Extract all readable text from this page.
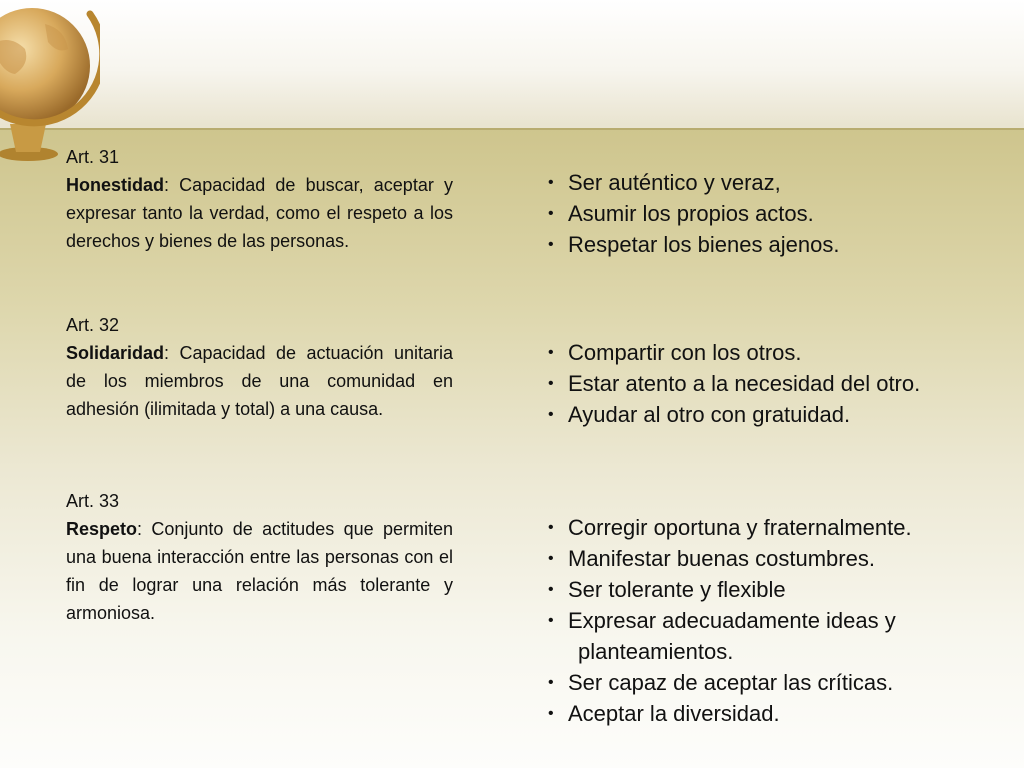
Art. 31

Honestidad: Capacidad de buscar, aceptar y expresar tanto la verdad, como el respeto a los derechos y bienes de las personas.

• Ser auténtico y veraz,
• Asumir los propios actos.
• Respetar los bienes ajenos.
Art. 32

Solidaridad: Capacidad de actuación unitaria de los miembros de una comunidad en adhesión (ilimitada y total) a una causa.

• Compartir con los otros.
• Estar atento a la necesidad del otro.
• Ayudar al otro con gratuidad.
Art. 33

Respeto: Conjunto de actitudes que permiten una buena interacción entre las personas con el fin de lograr una relación más tolerante y armoniosa.

• Corregir oportuna y fraternalmente.
• Manifestar buenas costumbres.
• Ser tolerante y flexible
• Expresar adecuadamente ideas y
planteamientos.
• Ser capaz de aceptar las críticas.
• Aceptar la diversidad.
